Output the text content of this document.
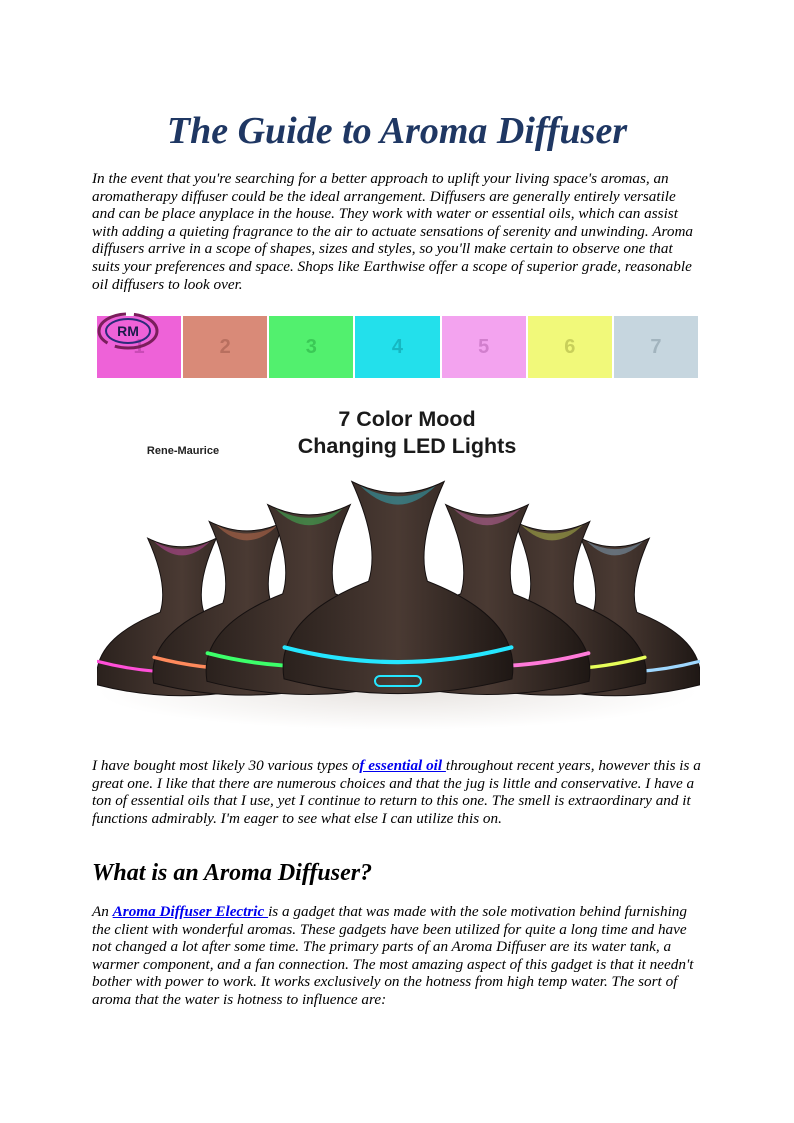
The Guide to Aroma Diffuser

In the event that you're searching for a better approach to uplift your living space's aromas, an aromatherapy diffuser could be the ideal arrangement. Diffusers are generally entirely versatile and can be place anyplace in the house. They work with water or essential oils, which can assist with adding a quieting fragrance to the air to actuate sensations of serenity and unwinding. Aroma diffusers arrive in a scope of shapes, sizes and styles, so you'll make certain to observe one that suits your preferences and space. Shops like Earthwise offer a scope of superior grade, reasonable oil diffusers to look over.

1	2	3	4	5	6	7
RM
Rene-Maurice
7 Color Mood
Changing LED Lights

I have bought most likely 30 various types of essential oil throughout recent years, however this is a great one. I like that there are numerous choices and that the jug is little and conservative. I have a ton of essential oils that I use, yet I continue to return to this one. The smell is extraordinary and it functions admirably. I'm eager to see what else I can utilize this on.

What is an Aroma Diffuser?

An Aroma Diffuser Electric is a gadget that was made with the sole motivation behind furnishing the client with wonderful aromas. These gadgets have been utilized for quite a long time and have not changed a lot after some time. The primary parts of an Aroma Diffuser are its water tank, a warmer component, and a fan connection. The most amazing aspect of this gadget is that it needn't bother with power to work. It works exclusively on the hotness from high temp water. The sort of aroma that the water is hotness to influence are:
